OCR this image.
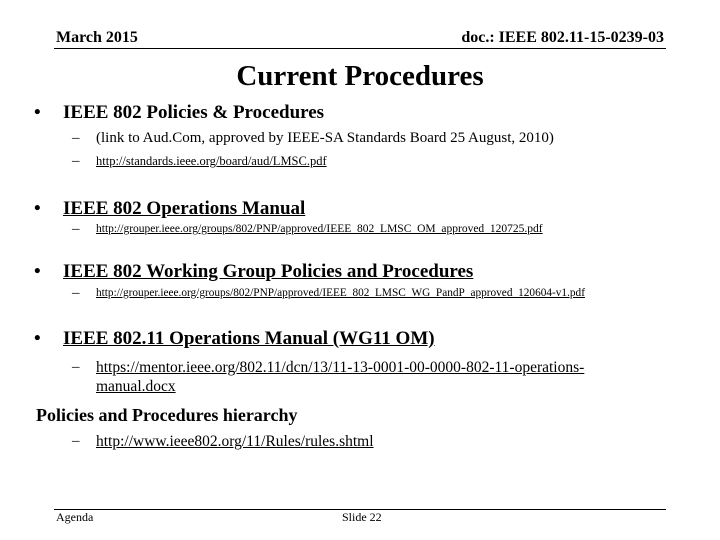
March 2015	doc.: IEEE 802.11-15-0239-03
Current Procedures
• IEEE 802 Policies & Procedures
– (link to Aud.Com, approved by IEEE-SA Standards Board 25 August, 2010)
– http://standards.ieee.org/board/aud/LMSC.pdf
• IEEE 802 Operations Manual
– http://grouper.ieee.org/groups/802/PNP/approved/IEEE_802_LMSC_OM_approved_120725.pdf
• IEEE 802 Working Group Policies and Procedures
– http://grouper.ieee.org/groups/802/PNP/approved/IEEE_802_LMSC_WG_PandP_approved_120604-v1.pdf
• IEEE 802.11 Operations Manual (WG11 OM)
– https://mentor.ieee.org/802.11/dcn/13/11-13-0001-00-0000-802-11-operations-
manual.docx
Policies and Procedures hierarchy
– http://www.ieee802.org/11/Rules/rules.shtml
Agenda	Slide 22
